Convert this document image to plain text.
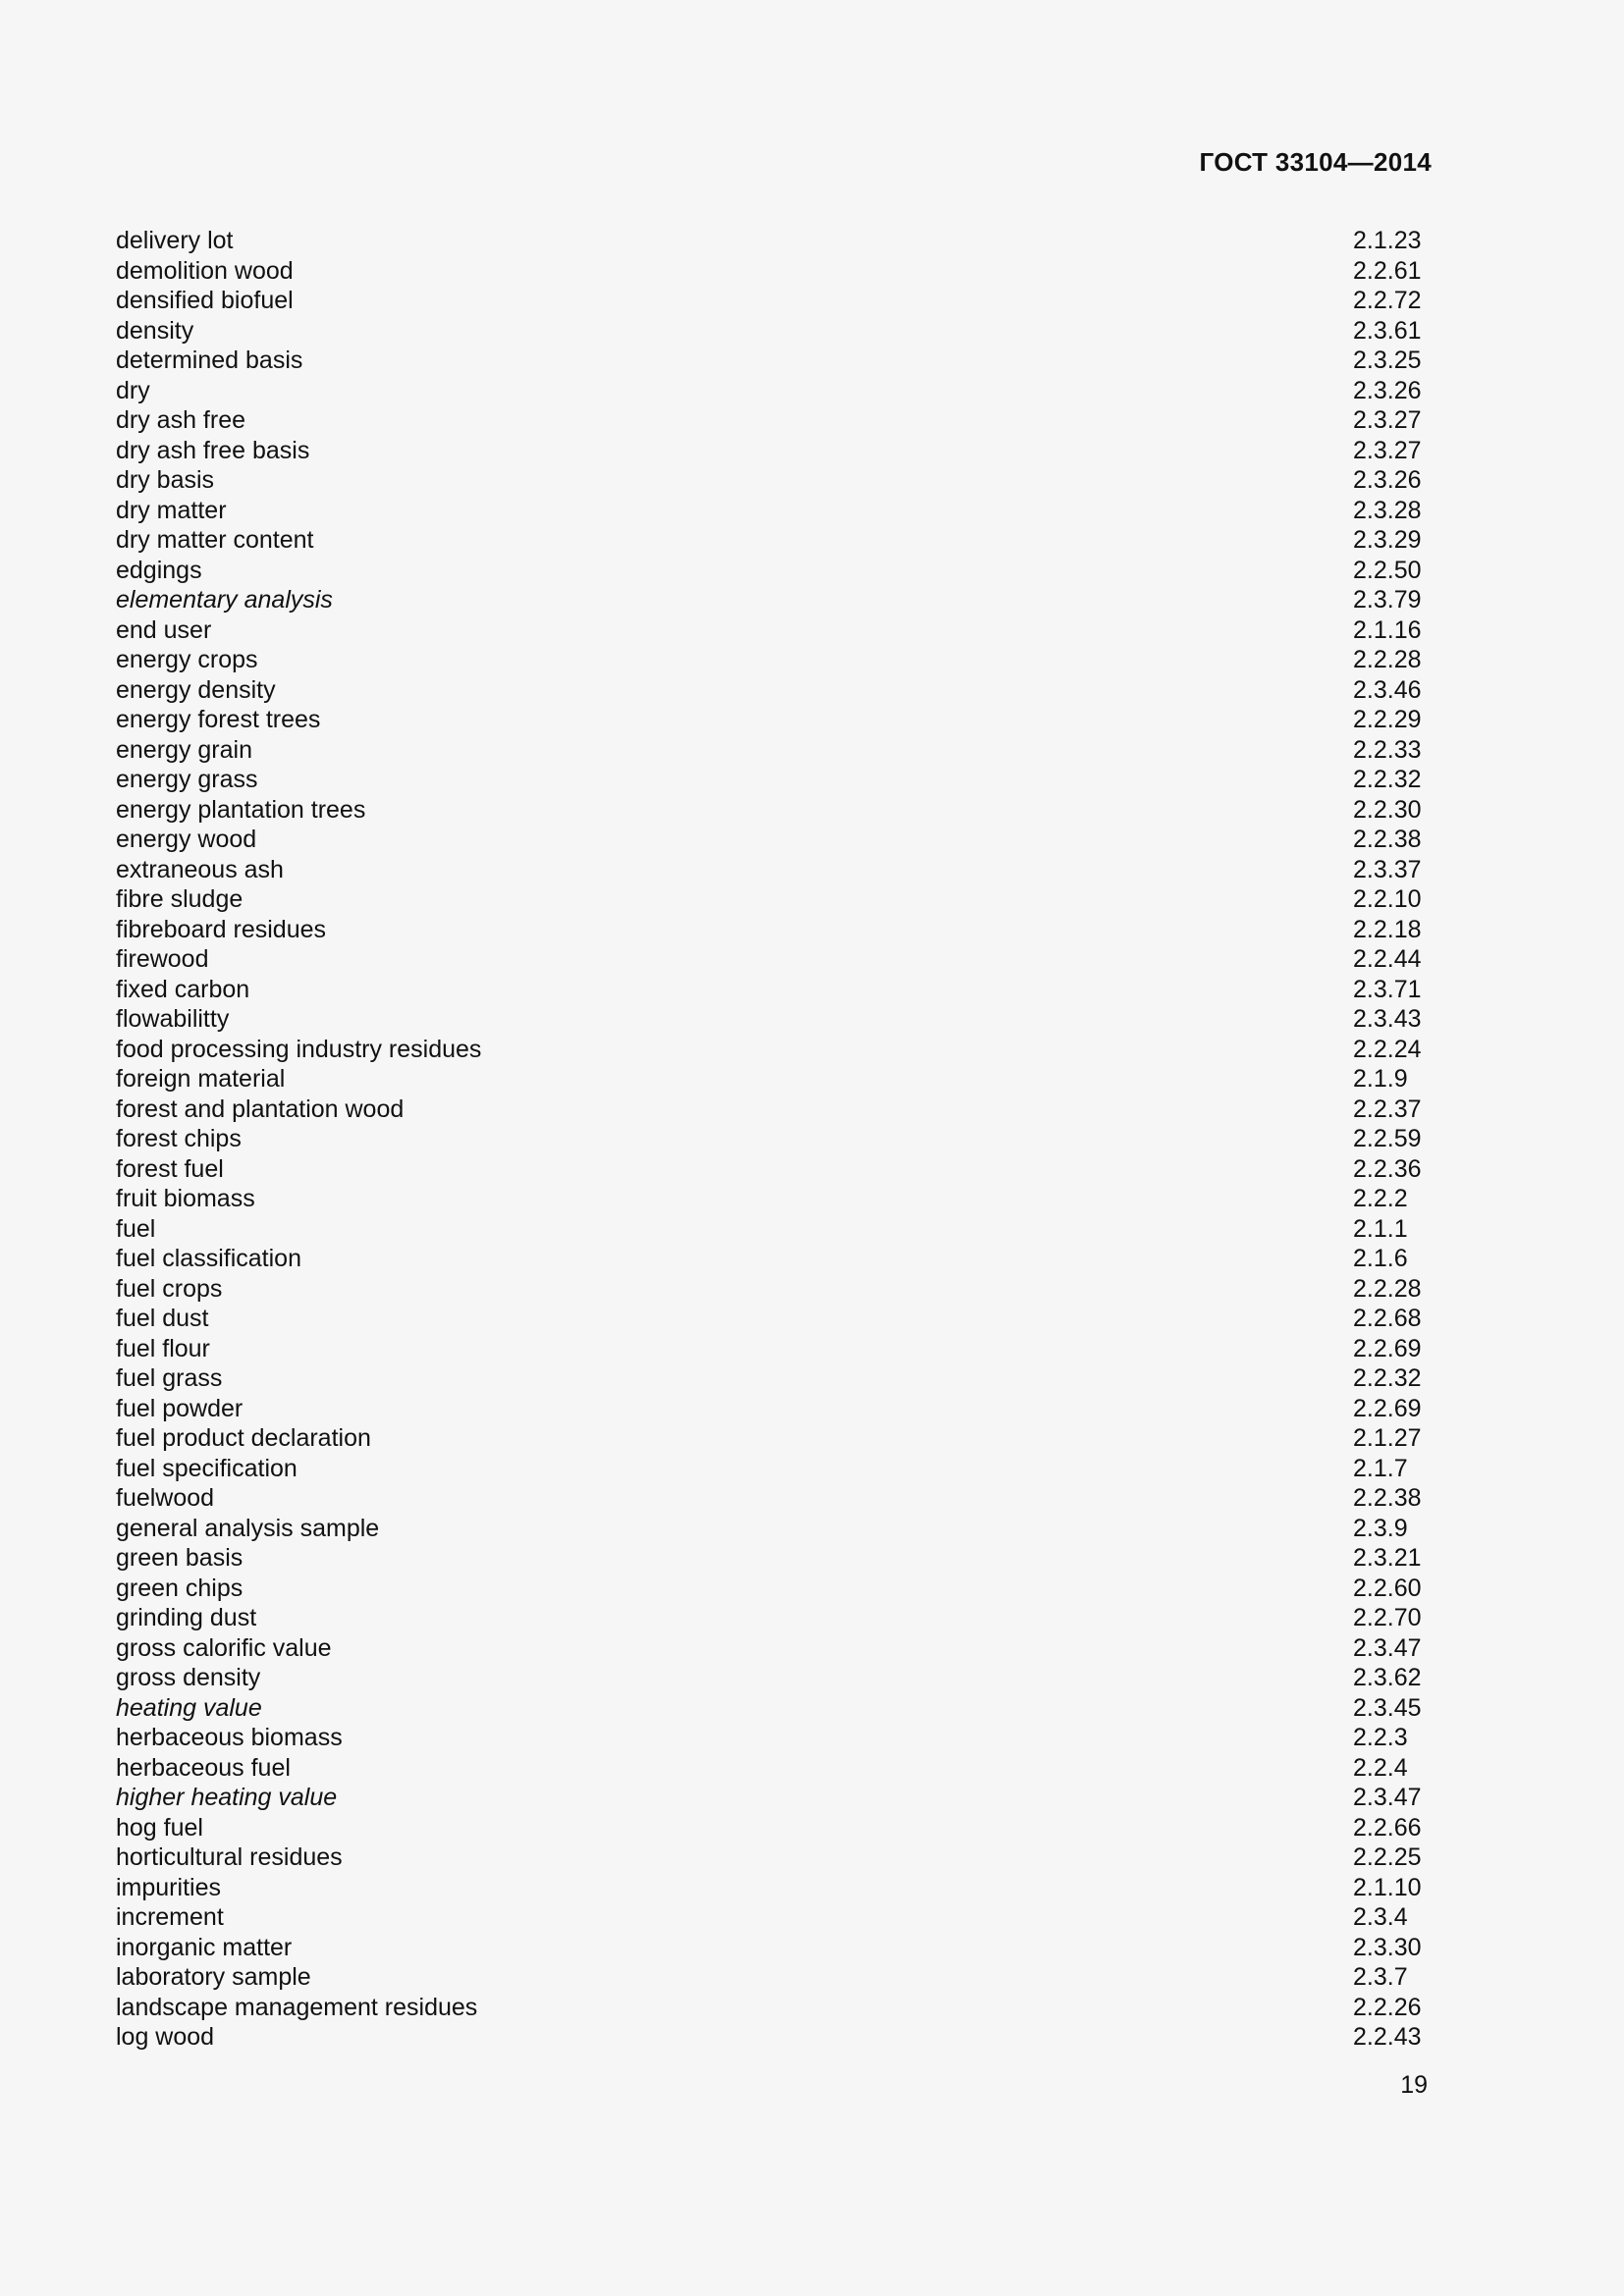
ГОСТ 33104—2014
delivery lot	2.1.23
demolition wood	2.2.61
densified biofuel	2.2.72
density	2.3.61
determined basis	2.3.25
dry	2.3.26
dry ash free	2.3.27
dry ash free basis	2.3.27
dry basis	2.3.26
dry matter	2.3.28
dry matter content	2.3.29
edgings	2.2.50
elementary analysis	2.3.79
end user	2.1.16
energy crops	2.2.28
energy density	2.3.46
energy forest trees	2.2.29
energy grain	2.2.33
energy grass	2.2.32
energy plantation trees	2.2.30
energy wood	2.2.38
extraneous ash	2.3.37
fibre sludge	2.2.10
fibreboard residues	2.2.18
firewood	2.2.44
fixed carbon	2.3.71
flowabilitty	2.3.43
food processing industry residues	2.2.24
foreign material	2.1.9
forest and plantation wood	2.2.37
forest chips	2.2.59
forest fuel	2.2.36
fruit biomass	2.2.2
fuel	2.1.1
fuel classification	2.1.6
fuel crops	2.2.28
fuel dust	2.2.68
fuel flour	2.2.69
fuel grass	2.2.32
fuel powder	2.2.69
fuel product declaration	2.1.27
fuel specification	2.1.7
fuelwood	2.2.38
general analysis sample	2.3.9
green basis	2.3.21
green chips	2.2.60
grinding dust	2.2.70
gross calorific value	2.3.47
gross density	2.3.62
heating value	2.3.45
herbaceous biomass	2.2.3
herbaceous fuel	2.2.4
higher heating value	2.3.47
hog fuel	2.2.66
horticultural residues	2.2.25
impurities	2.1.10
increment	2.3.4
inorganic matter	2.3.30
laboratory sample	2.3.7
landscape management residues	2.2.26
log wood	2.2.43
19
